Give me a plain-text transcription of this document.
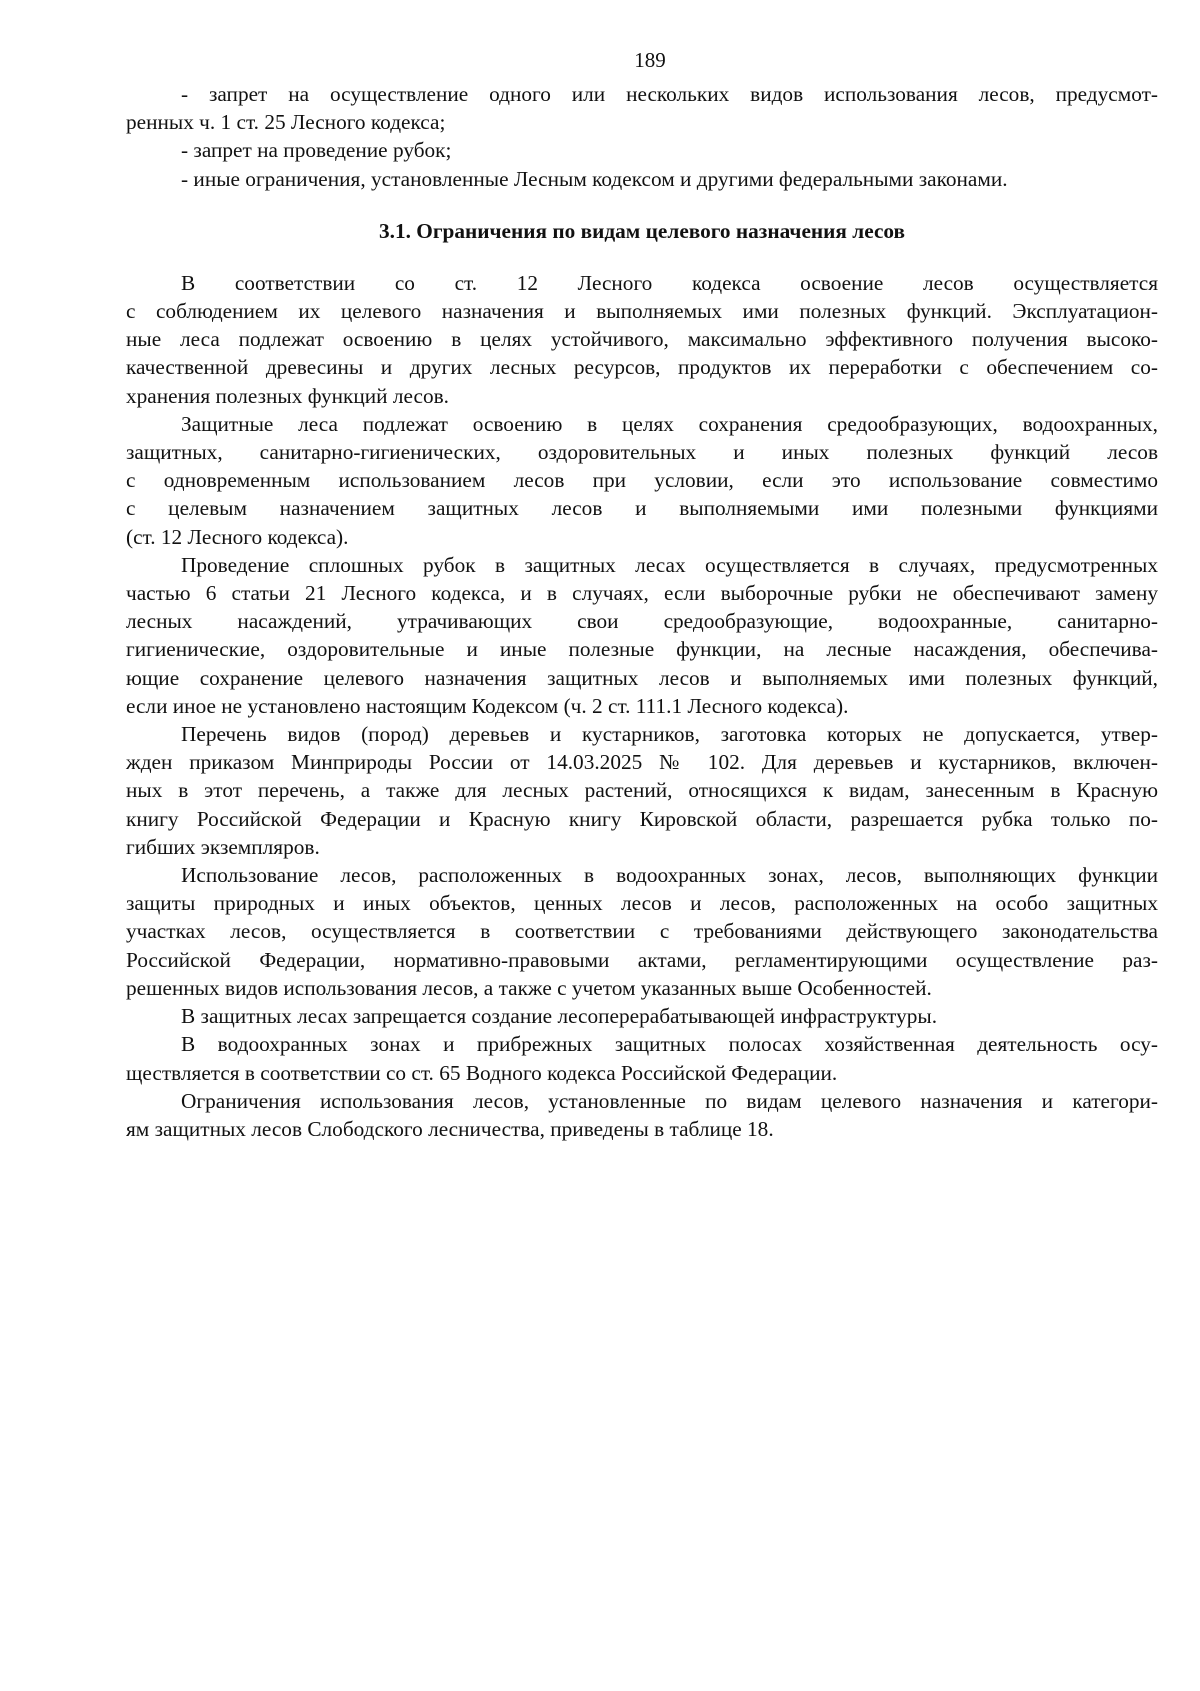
189

- запрет на осуществление одного или нескольких видов использования лесов, предусмот-
ренных ч. 1 ст. 25 Лесного кодекса;

- запрет на проведение рубок;

- иные ограничения, установленные Лесным кодексом и другими федеральными законами.

3.1. Ограничения по видам целевого назначения лесов

В соответствии со ст. 12 Лесного кодекса освоение лесов осуществляется
с соблюдением их целевого назначения и выполняемых ими полезных функций. Эксплуатацион-
ные леса подлежат освоению в целях устойчивого, максимально эффективного получения высоко-
качественной древесины и других лесных ресурсов, продуктов их переработки с обеспечением со-
хранения полезных функций лесов.

Защитные леса подлежат освоению в целях сохранения средообразующих, водоохранных,
защитных, санитарно-гигиенических, оздоровительных и иных полезных функций лесов
с одновременным использованием лесов при условии, если это использование совместимо
с целевым назначением защитных лесов и выполняемыми ими полезными функциями
(ст. 12 Лесного кодекса).

Проведение сплошных рубок в защитных лесах осуществляется в случаях, предусмотренных
частью 6 статьи 21 Лесного кодекса, и в случаях, если выборочные рубки не обеспечивают замену
лесных насаждений, утрачивающих свои средообразующие, водоохранные, санитарно-
гигиенические, оздоровительные и иные полезные функции, на лесные насаждения, обеспечива-
ющие сохранение целевого назначения защитных лесов и выполняемых ими полезных функций,
если иное не установлено настоящим Кодексом (ч. 2 ст. 111.1 Лесного кодекса).

Перечень видов (пород) деревьев и кустарников, заготовка которых не допускается, утвер-
жден приказом Минприроды России от 14.03.2025 № 102. Для деревьев и кустарников, включен-
ных в этот перечень, а также для лесных растений, относящихся к видам, занесенным в Красную
книгу Российской Федерации и Красную книгу Кировской области, разрешается рубка только по-
гибших экземпляров.

Использование лесов, расположенных в водоохранных зонах, лесов, выполняющих функции
защиты природных и иных объектов, ценных лесов и лесов, расположенных на особо защитных
участках лесов, осуществляется в соответствии с требованиями действующего законодательства
Российской Федерации, нормативно-правовыми актами, регламентирующими осуществление раз-
решенных видов использования лесов, а также с учетом указанных выше Особенностей.

В защитных лесах запрещается создание лесоперерабатывающей инфраструктуры.

В водоохранных зонах и прибрежных защитных полосах хозяйственная деятельность осу-
ществляется в соответствии со ст. 65 Водного кодекса Российской Федерации.

Ограничения использования лесов, установленные по видам целевого назначения и категори-
ям защитных лесов Слободского лесничества, приведены в таблице 18.
